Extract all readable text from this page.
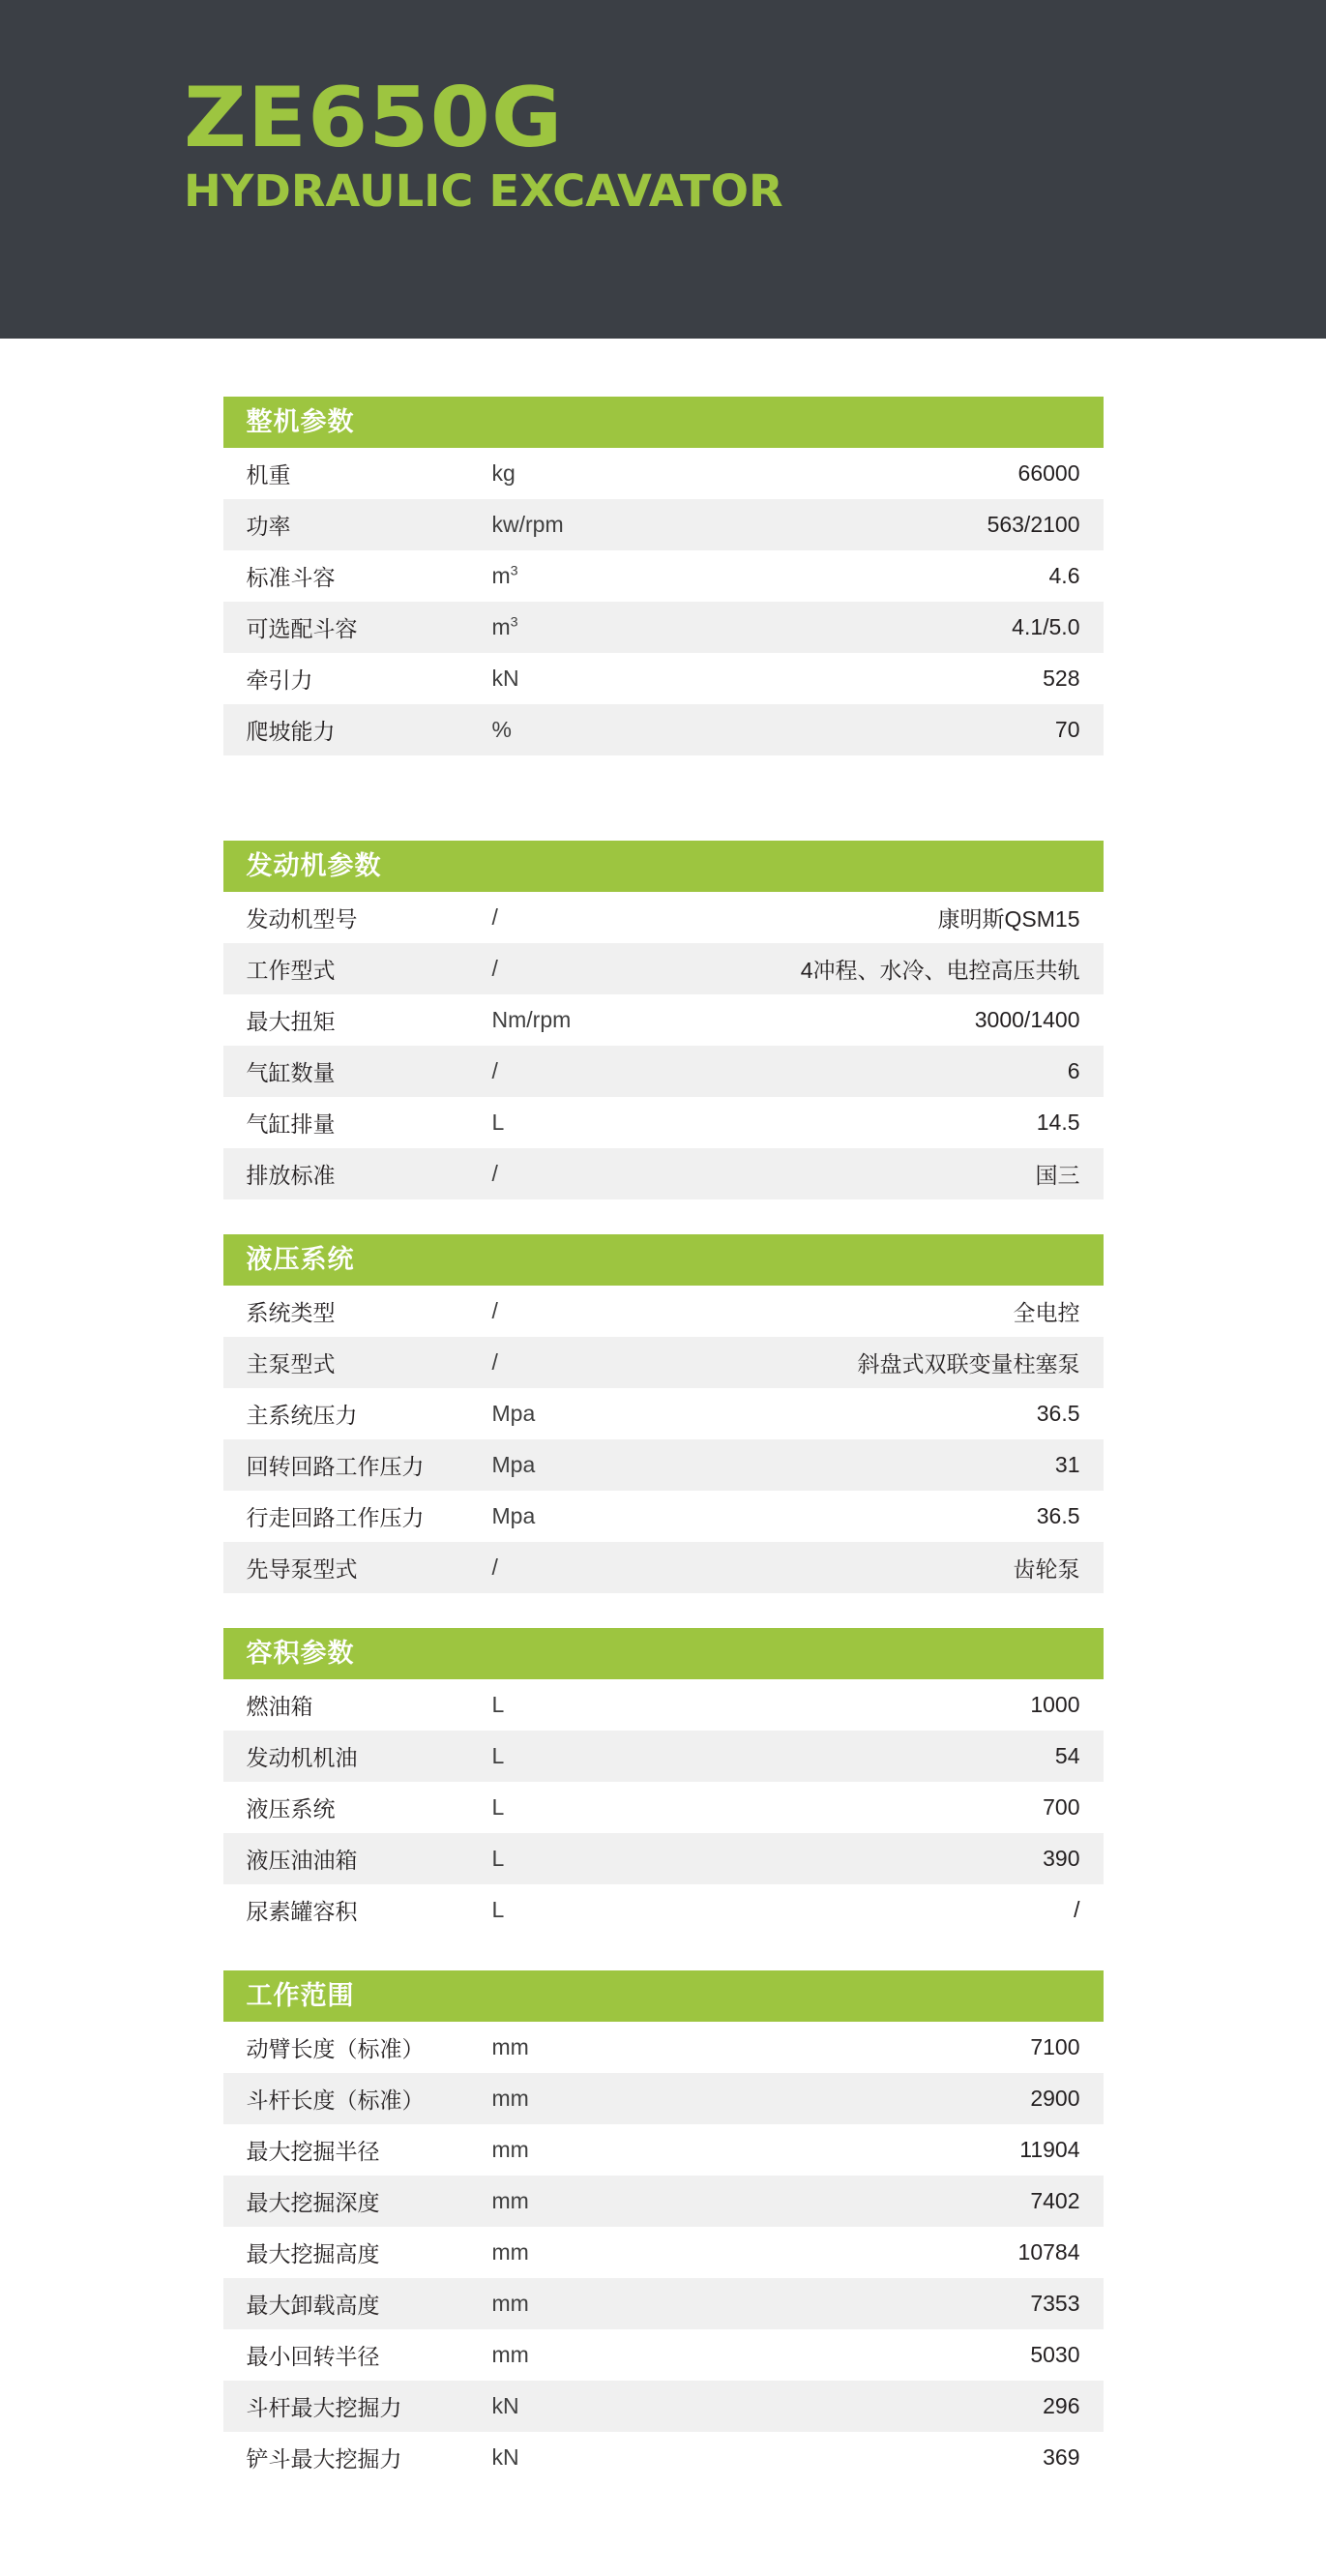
ZE650G
HYDRAULIC EXCAVATOR
整机参数
机重	kg	66000
功率	kw/rpm	563/2100
标准斗容	$m^3$	4.6
可选配斗容	$m^3$	4.1/5.0
牵引力	kN	528
爬坡能力	%	70

发动机参数
发动机型号	/	康明斯QSM15
工作型式	/	4冲程、水冷、电控高压共轨
最大扭矩	Nm/rpm	3000/1400
气缸数量	/	6
气缸排量	L	14.5
排放标准	/	国三
液压系统
系统类型	/	全电控
主泵型式	/	斜盘式双联变量柱塞泵
主系统压力	Mpa	36.5
回转回路工作压力	Mpa	31
行走回路工作压力	Mpa	36.5
先导泵型式	/	齿轮泵
容积参数
燃油箱	L	1000
发动机机油	L	54
液压系统	L	700
液压油油箱	L	390
尿素罐容积	L	/
工作范围
动臂长度（标准）	mm	7100
斗杆长度（标准）	mm	2900
最大挖掘半径	mm	11904
最大挖掘深度	mm	7402
最大挖掘高度	mm	10784
最大卸载高度	mm	7353
最小回转半径	mm	5030
斗杆最大挖掘力	kN	296
铲斗最大挖掘力	kN	369
